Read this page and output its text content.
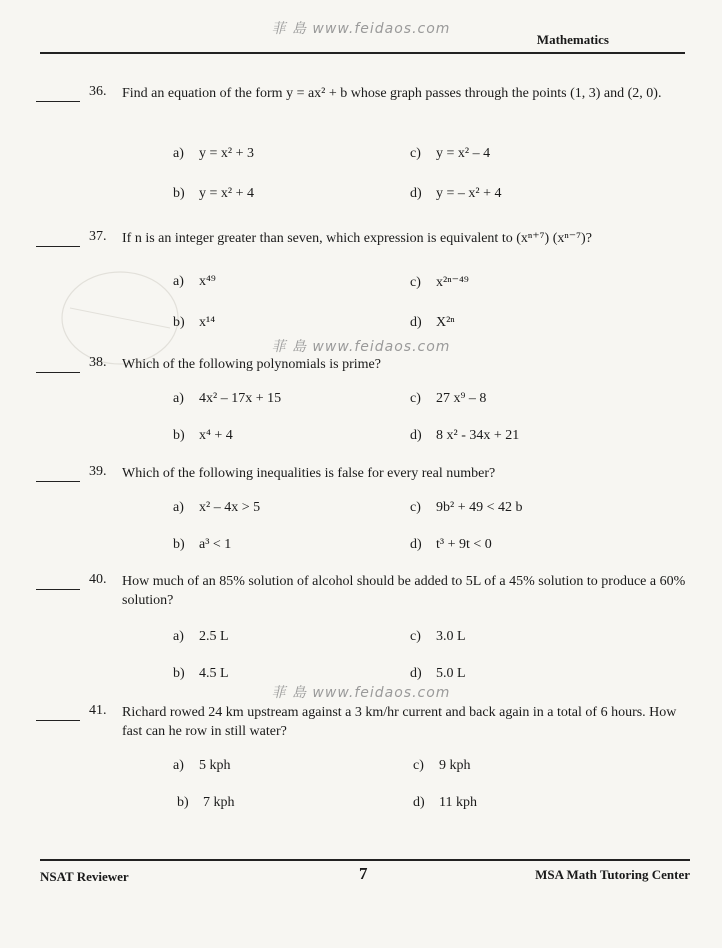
菲 島 www.feidaos.com
菲 島 www.feidaos.com
菲 島 www.feidaos.com
Mathematics
36. Find an equation of the form y = ax² + b whose graph passes through the points (1, 3) and (2, 0).
a) y = x² + 3	c) y = x² – 4
b) y = x² + 4	d) y = – x² + 4
37. If n is an integer greater than seven, which expression is equivalent to (xⁿ⁺⁷) (xⁿ⁻⁷)?
a) x⁴⁹	c) x²ⁿ⁻⁴⁹
b) x¹⁴	d) X²ⁿ
38. Which of the following polynomials is prime?
a) 4x² – 17x + 15	c) 27 x⁹ – 8
b) x⁴ + 4	d) 8 x² - 34x + 21
39. Which of the following inequalities is false for every real number?
a) x² – 4x > 5	c) 9b² + 49 < 42 b
b) a³ < 1	d) t³ + 9t < 0
40. How much of an 85% solution of alcohol should be added to 5L of a 45% solution to produce a 60% solution?
a) 2.5 L	c) 3.0 L
b) 4.5 L	d) 5.0 L
41. Richard rowed 24 km upstream against a 3 km/hr current and back again in a total of 6 hours. How fast can he row in still water?
a) 5 kph	c) 9 kph
b) 7 kph	d) 11 kph
NSAT Reviewer	7	MSA Math Tutoring Center
